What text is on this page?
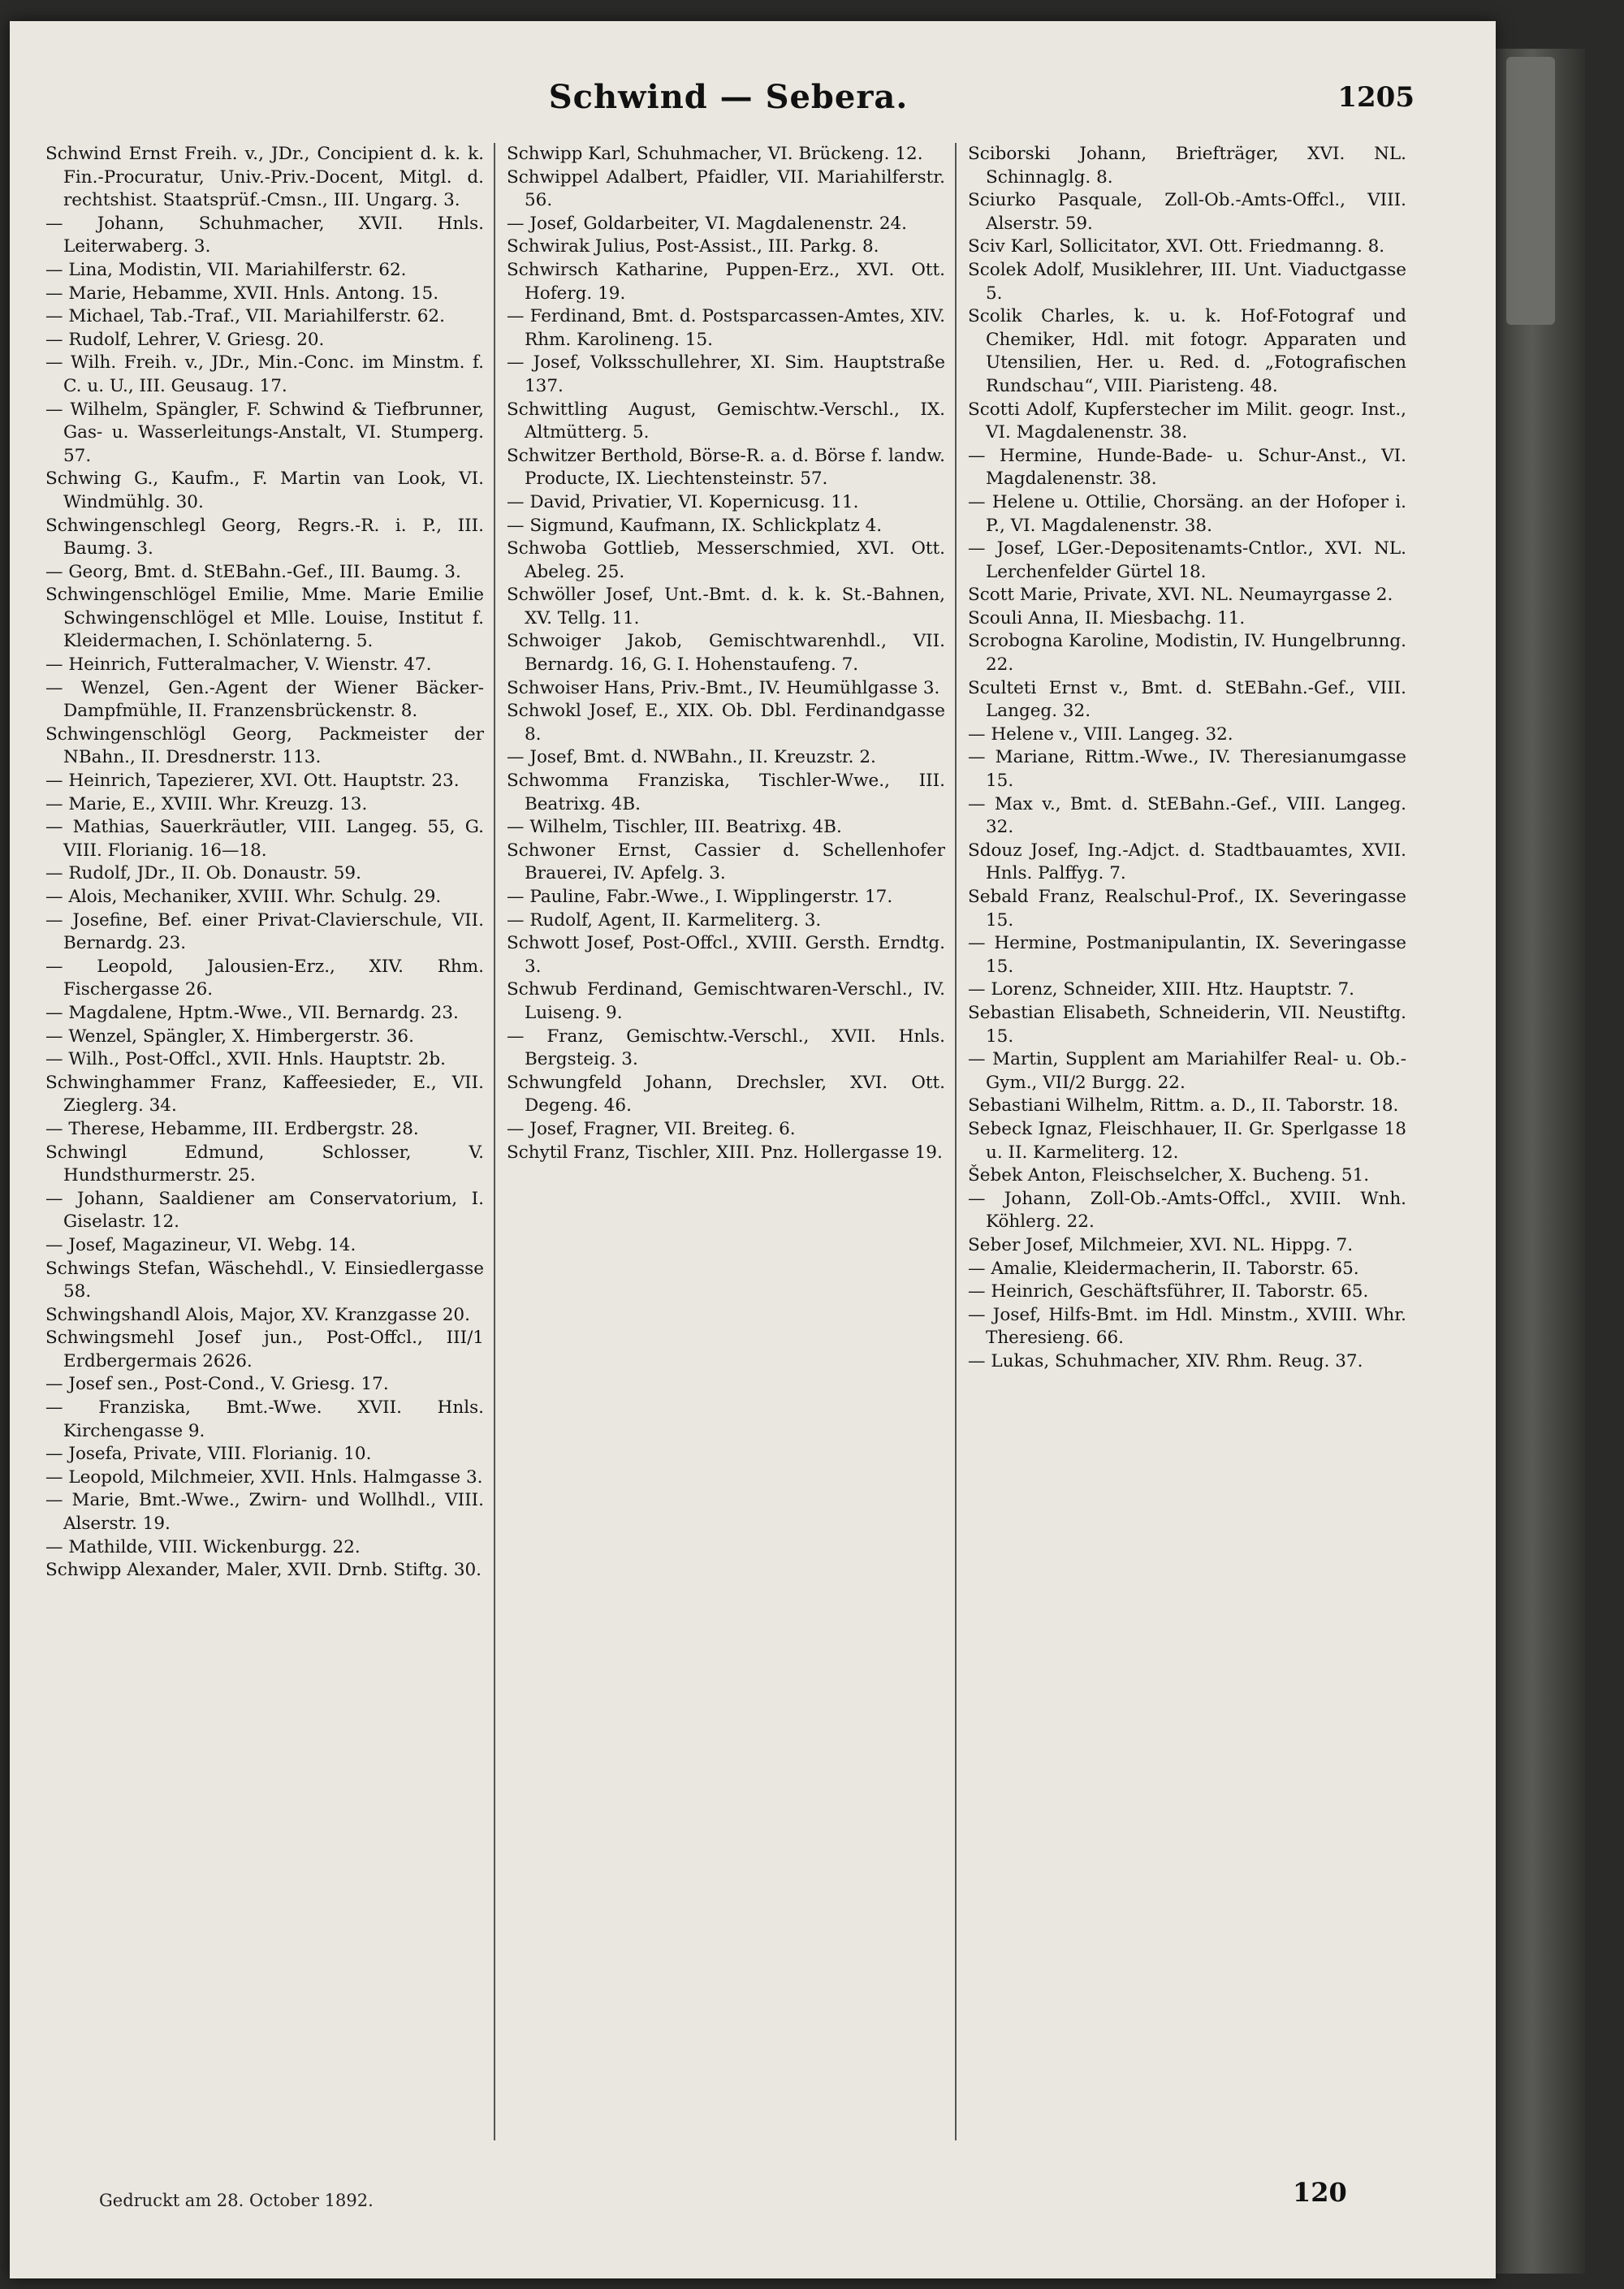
Schwind — Sebera.	1205

Schwind Ernst Freih. v., JDr., Concipient d. k. k. Fin.-Procuratur, Univ.-Priv.-Docent, Mitgl. d. rechtshist. Staatsprüf.-Cmsn., III. Ungarg. 3.

— Johann, Schuhmacher, XVII. Hnls. Leiterwaberg. 3.

— Lina, Modistin, VII. Mariahilferstr. 62.

— Marie, Hebamme, XVII. Hnls. Antong. 15.

— Michael, Tab.-Traf., VII. Mariahilferstr. 62.

— Rudolf, Lehrer, V. Griesg. 20.

— Wilh. Freih. v., JDr., Min.-Conc. im Minstm. f. C. u. U., III. Geusaug. 17.

— Wilhelm, Spängler, F. Schwind & Tiefbrunner, Gas- u. Wasserleitungs-Anstalt, VI. Stumperg. 57.

Schwing G., Kaufm., F. Martin van Look, VI. Windmühlg. 30.

Schwingenschlegl Georg, Regrs.-R. i. P., III. Baumg. 3.

— Georg, Bmt. d. StEBahn.-Gef., III. Baumg. 3.

Schwingenschlögel Emilie, Mme. Marie Emilie Schwingenschlögel et Mlle. Louise, Institut f. Kleidermachen, I. Schönlaterng. 5.

— Heinrich, Futteralmacher, V. Wienstr. 47.

— Wenzel, Gen.-Agent der Wiener Bäcker-Dampfmühle, II. Franzensbrückenstr. 8.

Schwingenschlögl Georg, Packmeister der NBahn., II. Dresdnerstr. 113.

— Heinrich, Tapezierer, XVI. Ott. Hauptstr. 23.

— Marie, E., XVIII. Whr. Kreuzg. 13.

— Mathias, Sauerkräutler, VIII. Langeg. 55, G. VIII. Florianig. 16—18.

— Rudolf, JDr., II. Ob. Donaustr. 59.

— Alois, Mechaniker, XVIII. Whr. Schulg. 29.

— Josefine, Bef. einer Privat-Clavierschule, VII. Bernardg. 23.

— Leopold, Jalousien-Erz., XIV. Rhm. Fischergasse 26.

— Magdalene, Hptm.-Wwe., VII. Bernardg. 23.

— Wenzel, Spängler, X. Himbergerstr. 36.

— Wilh., Post-Offcl., XVII. Hnls. Hauptstr. 2b.

Schwinghammer Franz, Kaffeesieder, E., VII. Zieglerg. 34.

— Therese, Hebamme, III. Erdbergstr. 28.

Schwingl Edmund, Schlosser, V. Hundsthurmerstr. 25.

— Johann, Saaldiener am Conservatorium, I. Giselastr. 12.

— Josef, Magazineur, VI. Webg. 14.

Schwings Stefan, Wäschehdl., V. Einsiedlergasse 58.

Schwingshandl Alois, Major, XV. Kranzgasse 20.

Schwingsmehl Josef jun., Post-Offcl., III/1 Erdbergermais 2626.

— Josef sen., Post-Cond., V. Griesg. 17.

— Franziska, Bmt.-Wwe. XVII. Hnls. Kirchengasse 9.

— Josefa, Private, VIII. Florianig. 10.

— Leopold, Milchmeier, XVII. Hnls. Halmgasse 3.

— Marie, Bmt.-Wwe., Zwirn- und Wollhdl., VIII. Alserstr. 19.

— Mathilde, VIII. Wickenburgg. 22.

Schwipp Alexander, Maler, XVII. Drnb. Stiftg. 30.

Schwipp Karl, Schuhmacher, VI. Brückeng. 12.

Schwippel Adalbert, Pfaidler, VII. Mariahilferstr. 56.

— Josef, Goldarbeiter, VI. Magdalenenstr. 24.

Schwirak Julius, Post-Assist., III. Parkg. 8.

Schwirsch Katharine, Puppen-Erz., XVI. Ott. Hoferg. 19.

— Ferdinand, Bmt. d. Postsparcassen-Amtes, XIV. Rhm. Karolineng. 15.

— Josef, Volksschullehrer, XI. Sim. Hauptstraße 137.

Schwittling August, Gemischtw.-Verschl., IX. Altmütterg. 5.

Schwitzer Berthold, Börse-R. a. d. Börse f. landw. Producte, IX. Liechtensteinstr. 57.

— David, Privatier, VI. Kopernicusg. 11.

— Sigmund, Kaufmann, IX. Schlickplatz 4.

Schwoba Gottlieb, Messerschmied, XVI. Ott. Abeleg. 25.

Schwöller Josef, Unt.-Bmt. d. k. k. St.-Bahnen, XV. Tellg. 11.

Schwoiger Jakob, Gemischtwarenhdl., VII. Bernardg. 16, G. I. Hohenstaufeng. 7.

Schwoiser Hans, Priv.-Bmt., IV. Heumühlgasse 3.

Schwokl Josef, E., XIX. Ob. Dbl. Ferdinandgasse 8.

— Josef, Bmt. d. NWBahn., II. Kreuzstr. 2.

Schwomma Franziska, Tischler-Wwe., III. Beatrixg. 4B.

— Wilhelm, Tischler, III. Beatrixg. 4B.

Schwoner Ernst, Cassier d. Schellenhofer Brauerei, IV. Apfelg. 3.

— Pauline, Fabr.-Wwe., I. Wipplingerstr. 17.

— Rudolf, Agent, II. Karmeliterg. 3.

Schwott Josef, Post-Offcl., XVIII. Gersth. Erndtg. 3.

Schwub Ferdinand, Gemischtwaren-Verschl., IV. Luiseng. 9.

— Franz, Gemischtw.-Verschl., XVII. Hnls. Bergsteig. 3.

Schwungfeld Johann, Drechsler, XVI. Ott. Degeng. 46.

— Josef, Fragner, VII. Breiteg. 6.

Schytil Franz, Tischler, XIII. Pnz. Hollergasse 19.

Sciborski Johann, Briefträger, XVI. NL. Schinnaglg. 8.

Sciurko Pasquale, Zoll-Ob.-Amts-Offcl., VIII. Alserstr. 59.

Sciv Karl, Sollicitator, XVI. Ott. Friedmanng. 8.

Scolek Adolf, Musiklehrer, III. Unt. Viaductgasse 5.

Scolik Charles, k. u. k. Hof-Fotograf und Chemiker, Hdl. mit fotogr. Apparaten und Utensilien, Her. u. Red. d. „Fotografischen Rundschau“, VIII. Piaristeng. 48.

Scotti Adolf, Kupferstecher im Milit. geogr. Inst., VI. Magdalenenstr. 38.

— Hermine, Hunde-Bade- u. Schur-Anst., VI. Magdalenenstr. 38.

— Helene u. Ottilie, Chorsäng. an der Hofoper i. P., VI. Magdalenenstr. 38.

— Josef, LGer.-Depositenamts-Cntlor., XVI. NL. Lerchenfelder Gürtel 18.

Scott Marie, Private, XVI. NL. Neumayrgasse 2.

Scouli Anna, II. Miesbachg. 11.

Scrobogna Karoline, Modistin, IV. Hungelbrunng. 22.

Sculteti Ernst v., Bmt. d. StEBahn.-Gef., VIII. Langeg. 32.

— Helene v., VIII. Langeg. 32.

— Mariane, Rittm.-Wwe., IV. Theresianumgasse 15.

— Max v., Bmt. d. StEBahn.-Gef., VIII. Langeg. 32.

Sdouz Josef, Ing.-Adjct. d. Stadtbauamtes, XVII. Hnls. Palffyg. 7.

Sebald Franz, Realschul-Prof., IX. Severingasse 15.

— Hermine, Postmanipulantin, IX. Severingasse 15.

— Lorenz, Schneider, XIII. Htz. Hauptstr. 7.

Sebastian Elisabeth, Schneiderin, VII. Neustiftg. 15.

— Martin, Supplent am Mariahilfer Real- u. Ob.-Gym., VII/2 Burgg. 22.

Sebastiani Wilhelm, Rittm. a. D., II. Taborstr. 18.

Sebeck Ignaz, Fleischhauer, II. Gr. Sperlgasse 18 u. II. Karmeliterg. 12.

Šebek Anton, Fleischselcher, X. Bucheng. 51.

— Johann, Zoll-Ob.-Amts-Offcl., XVIII. Wnh. Köhlerg. 22.

Seber Josef, Milchmeier, XVI. NL. Hippg. 7.

— Amalie, Kleidermacherin, II. Taborstr. 65.

— Heinrich, Geschäftsführer, II. Taborstr. 65.

— Josef, Hilfs-Bmt. im Hdl. Minstm., XVIII. Whr. Theresieng. 66.

— Lukas, Schuhmacher, XIV. Rhm. Reug. 37.

Gedruckt am 28. October 1892.	120
